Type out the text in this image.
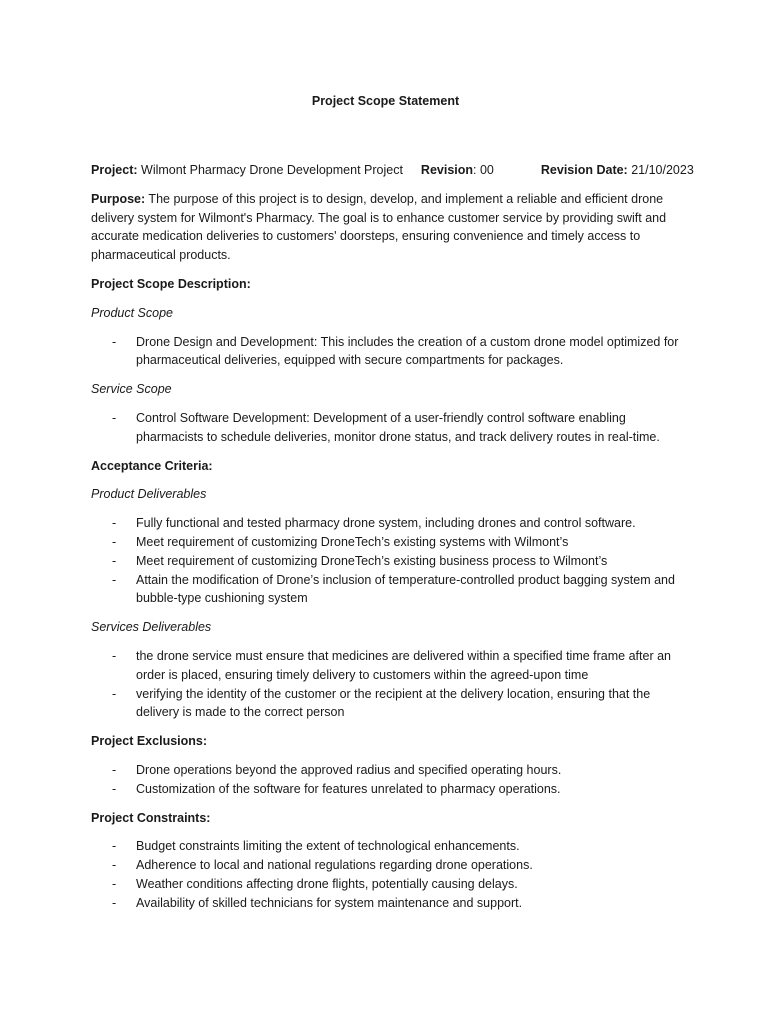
Project Scope Statement

Project: Wilmont Pharmacy Drone Development Project Revision: 00	Revision Date: 21/10/2023

Purpose: The purpose of this project is to design, develop, and implement a reliable and efficient drone delivery system for Wilmont's Pharmacy. The goal is to enhance customer service by providing swift and accurate medication deliveries to customers' doorsteps, ensuring convenience and timely access to pharmaceutical products.

Project Scope Description:

Product Scope

- Drone Design and Development: This includes the creation of a custom drone model optimized for pharmaceutical deliveries, equipped with secure compartments for packages.

Service Scope

- Control Software Development: Development of a user-friendly control software enabling pharmacists to schedule deliveries, monitor drone status, and track delivery routes in real-time.

Acceptance Criteria:

Product Deliverables

- Fully functional and tested pharmacy drone system, including drones and control software.
- Meet requirement of customizing DroneTech’s existing systems with Wilmont’s
- Meet requirement of customizing DroneTech’s existing business process to Wilmont’s
- Attain the modification of Drone’s inclusion of temperature-controlled product bagging system and bubble-type cushioning system

Services Deliverables

- the drone service must ensure that medicines are delivered within a specified time frame after an order is placed, ensuring timely delivery to customers within the agreed-upon time
- verifying the identity of the customer or the recipient at the delivery location, ensuring that the delivery is made to the correct person

Project Exclusions:

- Drone operations beyond the approved radius and specified operating hours.
- Customization of the software for features unrelated to pharmacy operations.

Project Constraints:

- Budget constraints limiting the extent of technological enhancements.
- Adherence to local and national regulations regarding drone operations.
- Weather conditions affecting drone flights, potentially causing delays.
- Availability of skilled technicians for system maintenance and support.
